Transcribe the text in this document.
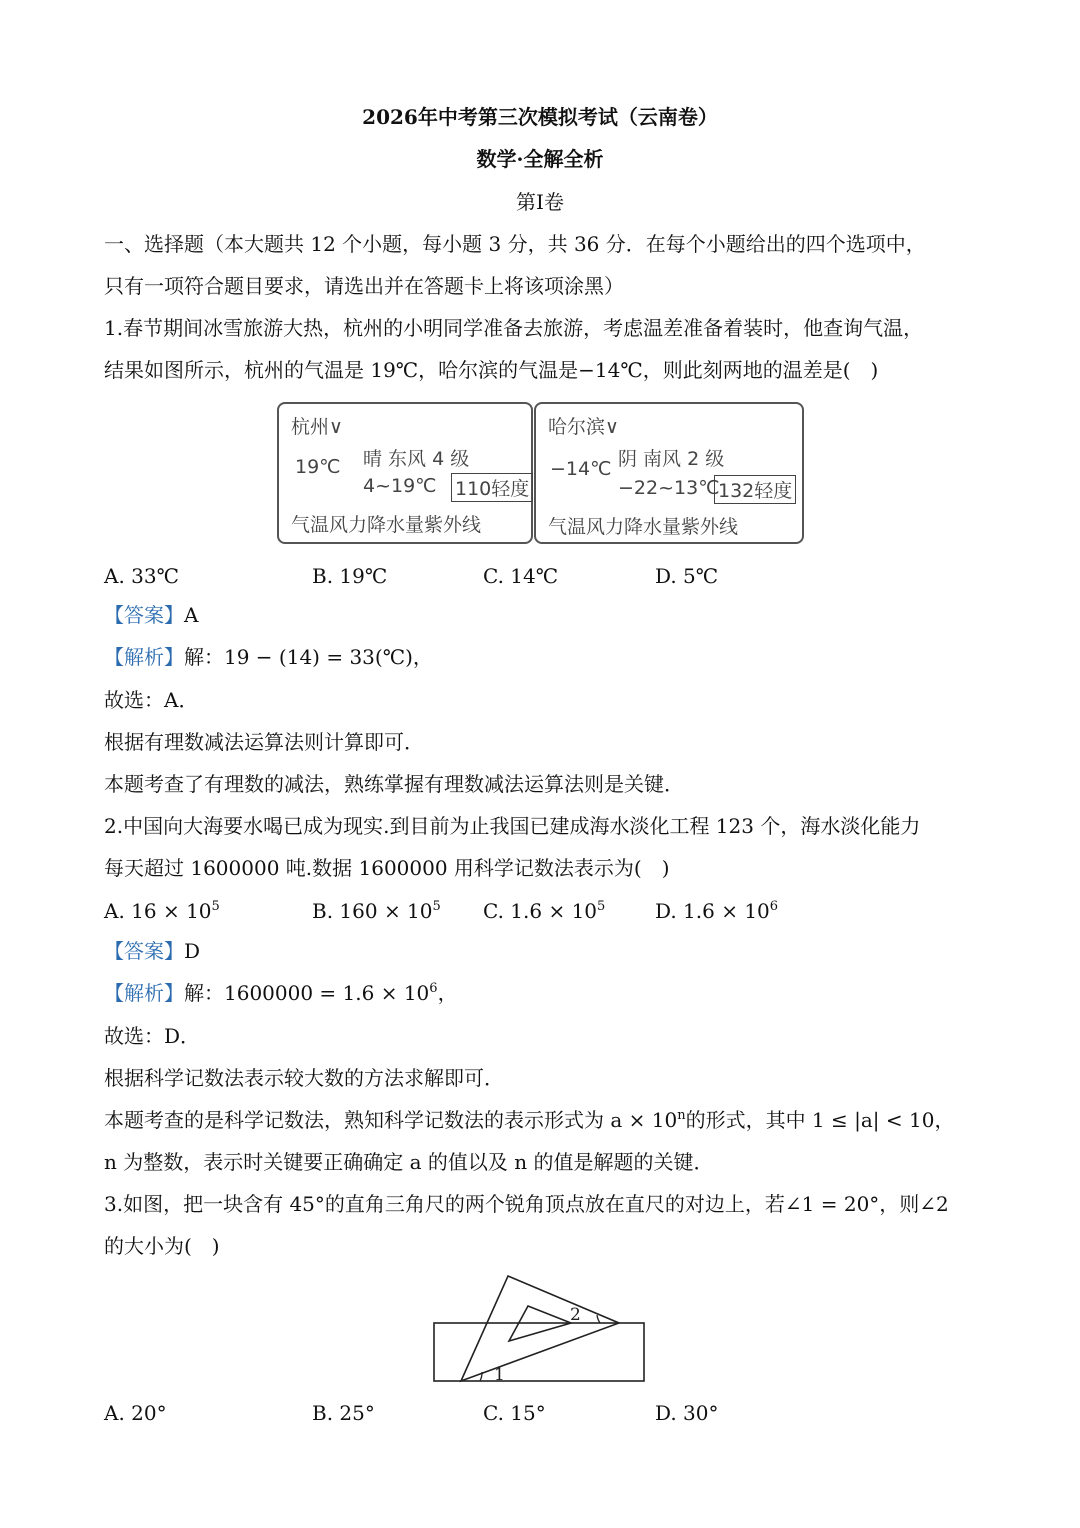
2026年中考第三次模拟考试（云南卷）
数学·全解全析
第Ⅰ卷
一、选择题（本大题共 12 个小题，每小题 3 分，共 36 分．在每个小题给出的四个选项中，
只有一项符合题目要求，请选出并在答题卡上将该项涂黑）
1.春节期间冰雪旅游大热，杭州的小明同学准备去旅游，考虑温差准备着装时，他查询气温，
结果如图所示，杭州的气温是 19℃，哈尔滨的气温是−14℃，则此刻两地的温差是(　)
杭州∨
19℃ 晴 东风 4 级
4~19℃ 110轻度
气温风力降水量紫外线
哈尔滨∨
−14℃ 阴 南风 2 级
−22~13℃
132轻度
气温风力降水量紫外线
A. 33℃	B. 19℃	C. 14℃	D. 5℃
【答案】A
【解析】解：19 − (14) = 33(℃)，
故选：A．
根据有理数减法运算法则计算即可．
本题考查了有理数的减法，熟练掌握有理数减法运算法则是关键．
2.中国向大海要水喝已成为现实.到目前为止我国已建成海水淡化工程 123 个，海水淡化能力
每天超过 1600000 吨.数据 1600000 用科学记数法表示为(　)
A. $16 \times 10^5$	B. $160 \times 10^5$ C. $1.6 \times 10^5$ D. $1.6 \times 10^6$
【答案】D
【解析】解：$1600000 = 1.6 \times 10^6$，
故选：D．
根据科学记数法表示较大数的方法求解即可．
本题考查的是科学记数法，熟知科学记数法的表示形式为 $a \times 10^n$的形式，其中 1 ≤ |a| < 10，
n 为整数，表示时关键要正确确定 a 的值以及 n 的值是解题的关键．
3.如图，把一块含有 45°的直角三角尺的两个锐角顶点放在直尺的对边上，若∠1 = 20°，则∠2
的大小为(　)
2
1
A. 20°	B. 25°	C. 15°	D. 30°
